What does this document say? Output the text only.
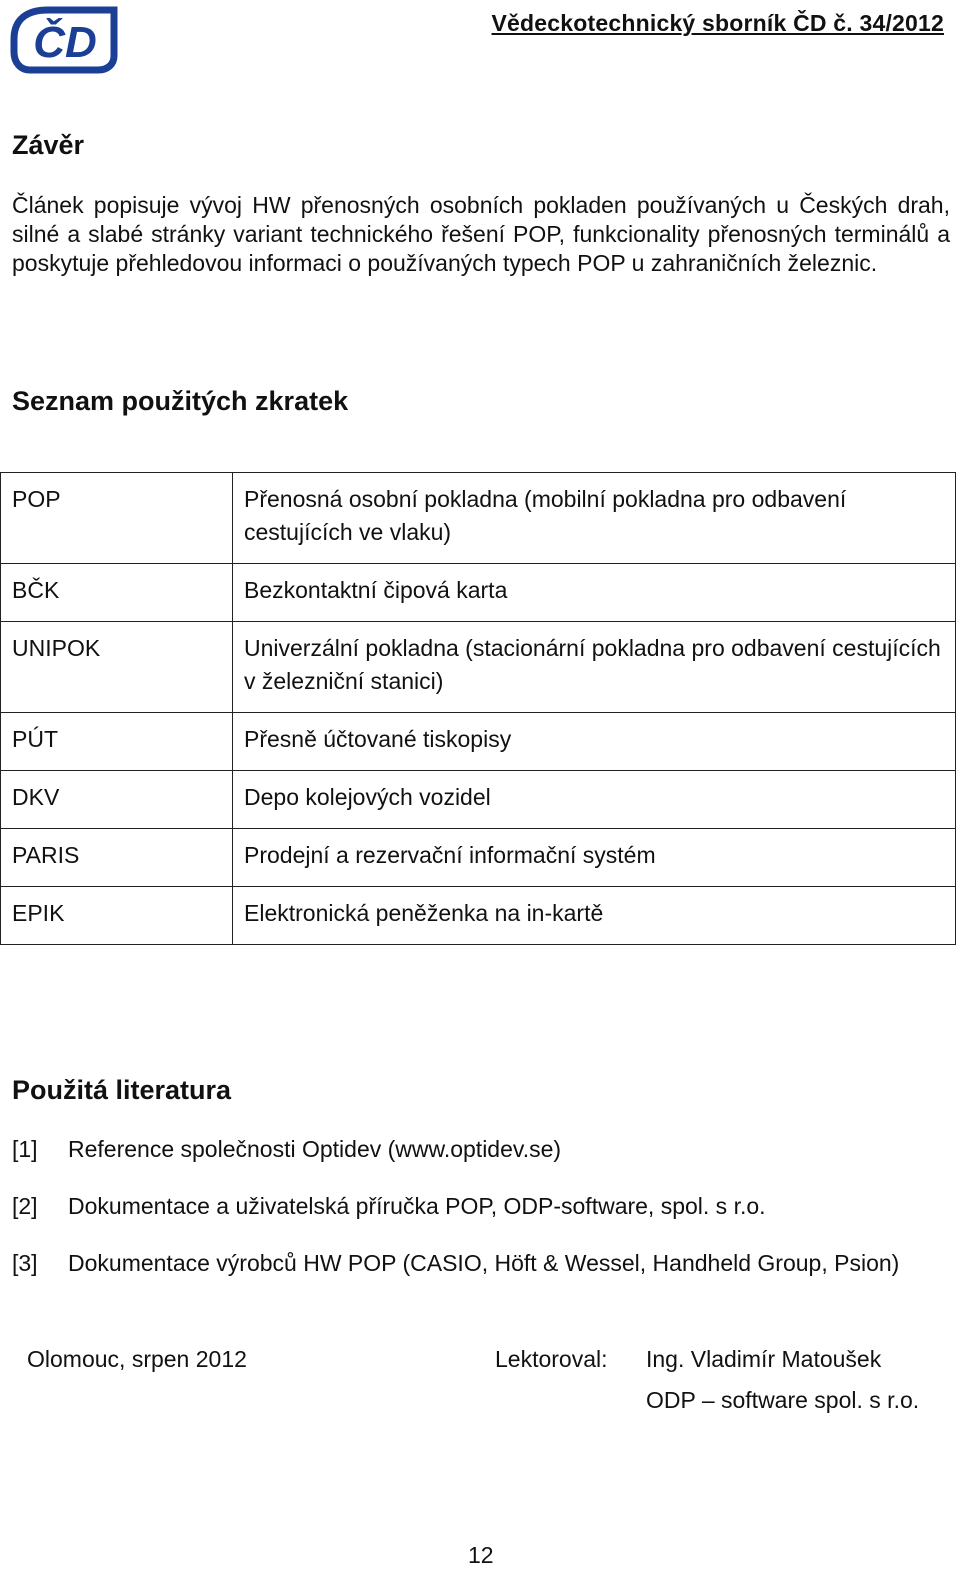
ČD	Vědeckotechnický sborník ČD č. 34/2012
Závěr

Článek popisuje vývoj HW přenosných osobních pokladen používaných u Českých drah, silné a slabé stránky variant technického řešení POP, funkcionality přenosných terminálů a poskytuje přehledovou informaci o používaných typech POP u zahraničních železnic.

Seznam použitých zkratek
POP	Přenosná osobní pokladna (mobilní pokladna pro odbavení cestujících ve vlaku)
BČK	Bezkontaktní čipová karta
UNIPOK	Univerzální pokladna (stacionární pokladna pro odbavení cestujících v železniční stanici)
PÚT	Přesně účtované tiskopisy
DKV	Depo kolejových vozidel
PARIS	Prodejní a rezervační informační systém
EPIK	Elektronická peněženka na in-kartě
Použitá literatura
[1]	Reference společnosti Optidev (www.optidev.se)
[2]	Dokumentace a uživatelská příručka POP, ODP-software, spol. s r.o.
[3]	Dokumentace výrobců HW POP (CASIO, Höft & Wessel, Handheld Group, Psion)
Olomouc, srpen 2012	Lektoroval: Ing. Vladimír Matoušek
ODP – software spol. s r.o.
12
